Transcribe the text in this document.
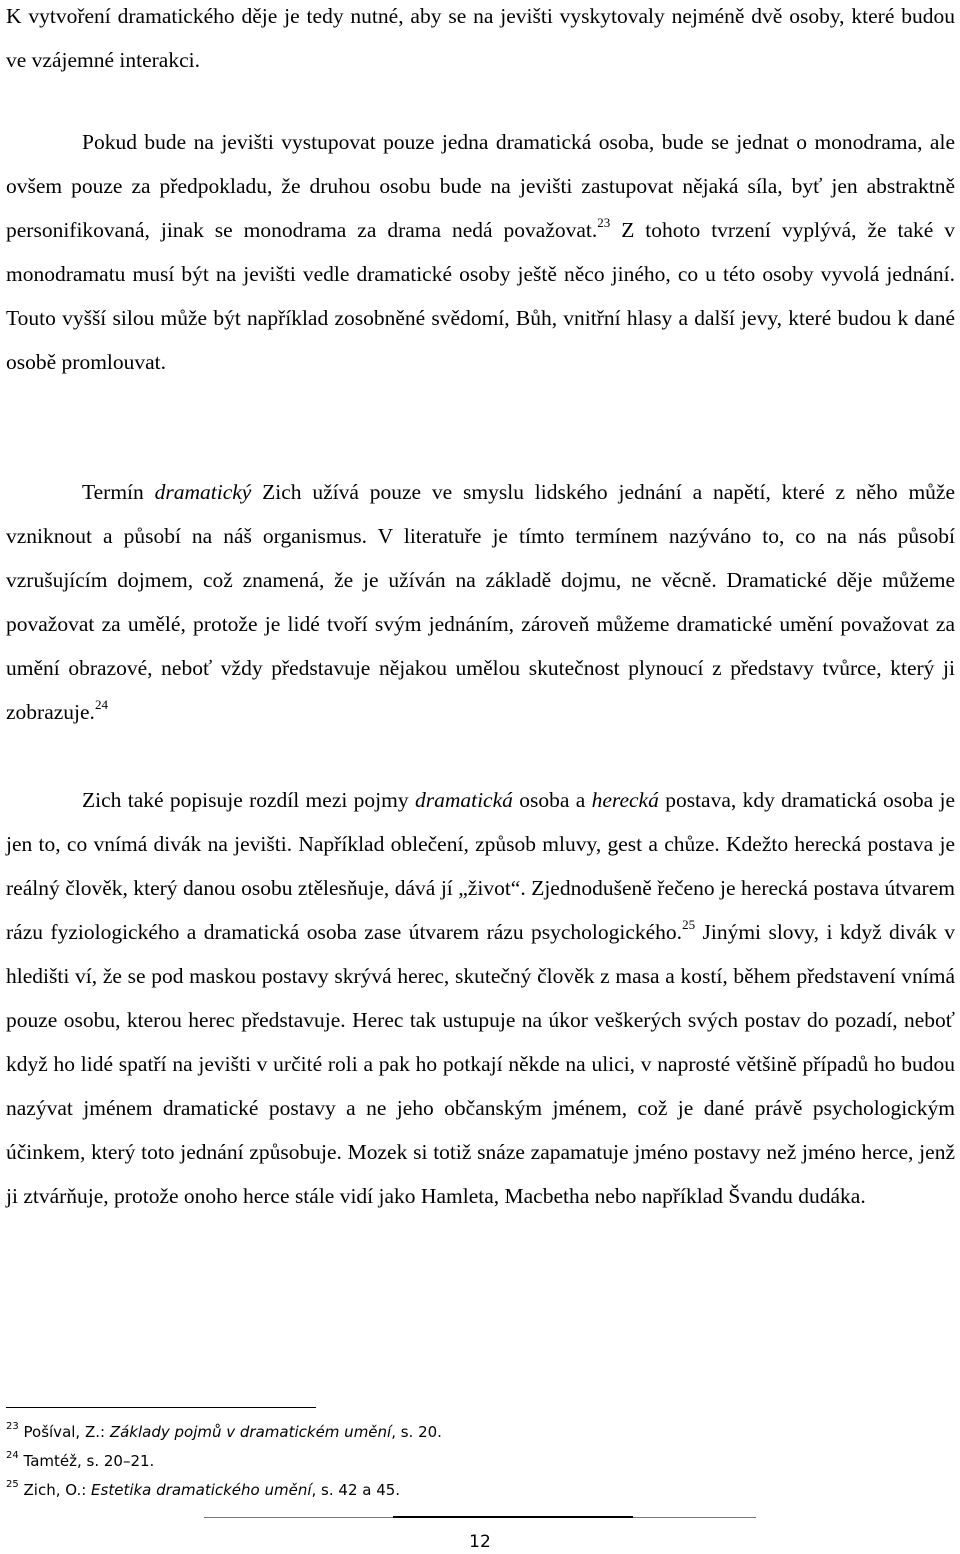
K vytvoření dramatického děje je tedy nutné, aby se na jevišti vyskytovaly nejméně dvě osoby, které budou ve vzájemné interakci.

Pokud bude na jevišti vystupovat pouze jedna dramatická osoba, bude se jednat o monodrama, ale ovšem pouze za předpokladu, že druhou osobu bude na jevišti zastupovat nějaká síla, byť jen abstraktně personifikovaná, jinak se monodrama za drama nedá považovat.$^{23}$ Z tohoto tvrzení vyplývá, že také v monodramatu musí být na jevišti vedle dramatické osoby ještě něco jiného, co u této osoby vyvolá jednání. Touto vyšší silou může být například zosobněné svědomí, Bůh, vnitřní hlasy a další jevy, které budou k dané osobě promlouvat.

Termín dramatický Zich užívá pouze ve smyslu lidského jednání a napětí, které z něho může vzniknout a působí na náš organismus. V literatuře je tímto termínem nazýváno to, co na nás působí vzrušujícím dojmem, což znamená, že je užíván na základě dojmu, ne věcně. Dramatické děje můžeme považovat za umělé, protože je lidé tvoří svým jednáním, zároveň můžeme dramatické umění považovat za umění obrazové, neboť vždy představuje nějakou umělou skutečnost plynoucí z představy tvůrce, který ji zobrazuje.$^{24}$

Zich také popisuje rozdíl mezi pojmy dramatická osoba a herecká postava, kdy dramatická osoba je jen to, co vnímá divák na jevišti. Například oblečení, způsob mluvy, gest a chůze. Kdežto herecká postava je reálný člověk, který danou osobu ztělesňuje, dává jí „život“. Zjednodušeně řečeno je herecká postava útvarem rázu fyziologického a dramatická osoba zase útvarem rázu psychologického.$^{25}$ Jinými slovy, i když divák v hledišti ví, že se pod maskou postavy skrývá herec, skutečný člověk z masa a kostí, během představení vnímá pouze osobu, kterou herec představuje. Herec tak ustupuje na úkor veškerých svých postav do pozadí, neboť když ho lidé spatří na jevišti v určité roli a pak ho potkají někde na ulici, v naprosté většině případů ho budou nazývat jménem dramatické postavy a ne jeho občanským jménem, což je dané právě psychologickým účinkem, který toto jednání způsobuje. Mozek si totiž snáze zapamatuje jméno postavy než jméno herce, jenž ji ztvárňuje, protože onoho herce stále vidí jako Hamleta, Macbetha nebo například Švandu dudáka.

$^{23}$ Pošíval, Z.: Základy pojmů v dramatickém umění, s. 20.
$^{24}$ Tamtéž, s. 20–21.
$^{25}$ Zich, O.: Estetika dramatického umění, s. 42 a 45.
12
